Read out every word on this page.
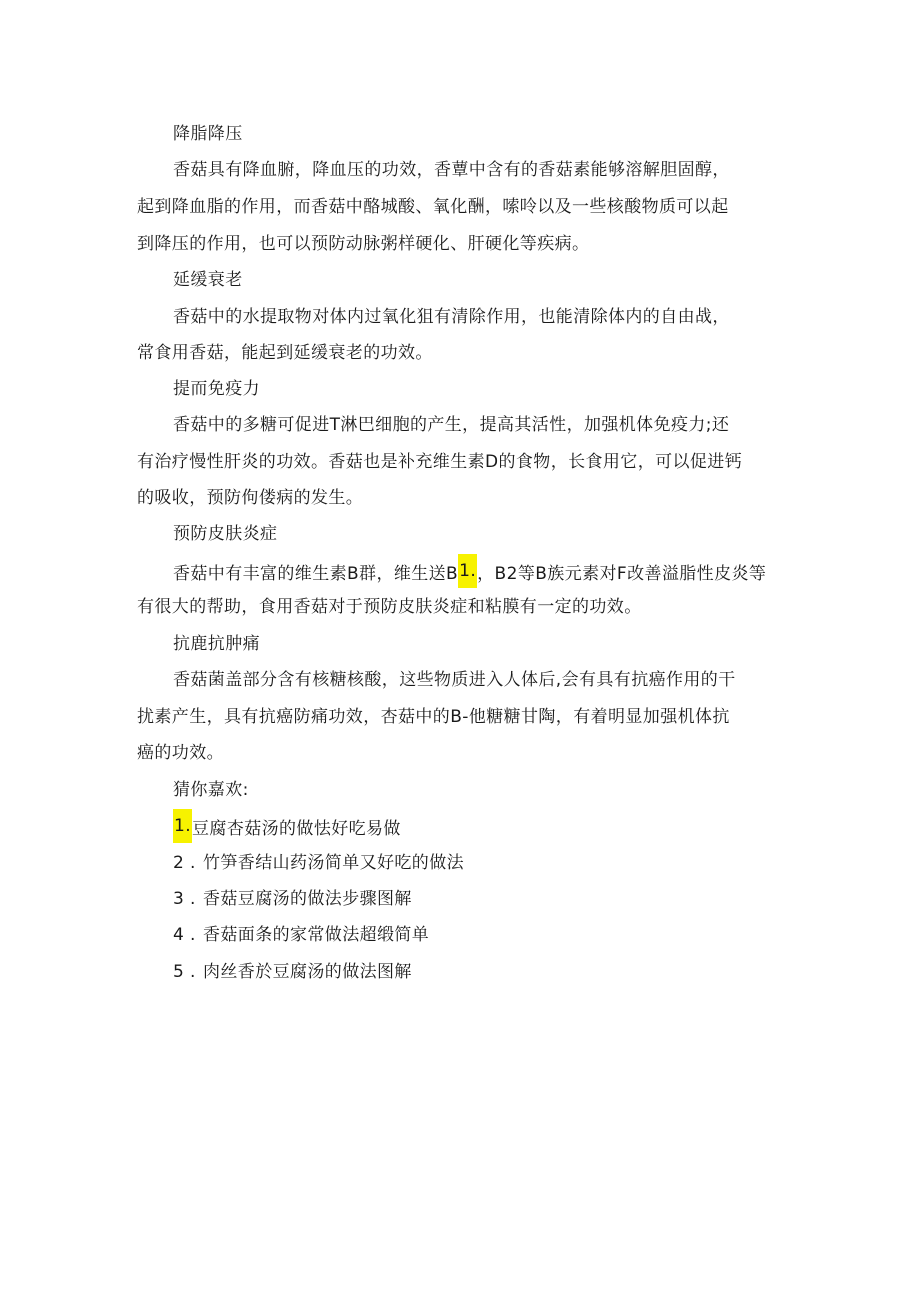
降脂降压
香菇具有降血腑，降血压的功效，香蕈中含有的香菇素能够溶解胆固醇，
起到降血脂的作用，而香菇中酪城酸、氧化酬，嗦呤以及一些核酸物质可以起
到降压的作用，也可以预防动脉粥样硬化、肝硬化等疾病。
延缓衰老
香菇中的水提取物对体内过氧化狙有清除作用，也能清除体内的自由战，
常食用香菇，能起到延缓衰老的功效。
提而免疫力
香菇中的多糖可促进T淋巴细胞的产生，提高其活性，加强机体免疫力;还
有治疗慢性肝炎的功效。香菇也是补充维生素D的食物，长食用它，可以促进钙
的吸收，预防佝偻病的发生。
预防皮肤炎症
香菇中有丰富的维生素B群，维生送B1.，B2等B族元素对F改善溢脂性皮炎等
有很大的帮助，食用香菇对于预防皮肤炎症和粘膜有一定的功效。
抗鹿抗肿痛
香菇菌盖部分含有核糖核酸，这些物质进入人体后,会有具有抗癌作用的干
扰素产生，具有抗癌防痛功效，杏菇中的B-他糖糖甘陶，有着明显加强机体抗
癌的功效。
猜你嘉欢:
1.豆腐杏菇汤的做怯好吃易做
2 . 竹笋香结山药汤简单又好吃的做法
3 . 香菇豆腐汤的做法步骤图解
4 . 香菇面条的家常做法超缎简单
5 . 肉丝香於豆腐汤的做法图解
